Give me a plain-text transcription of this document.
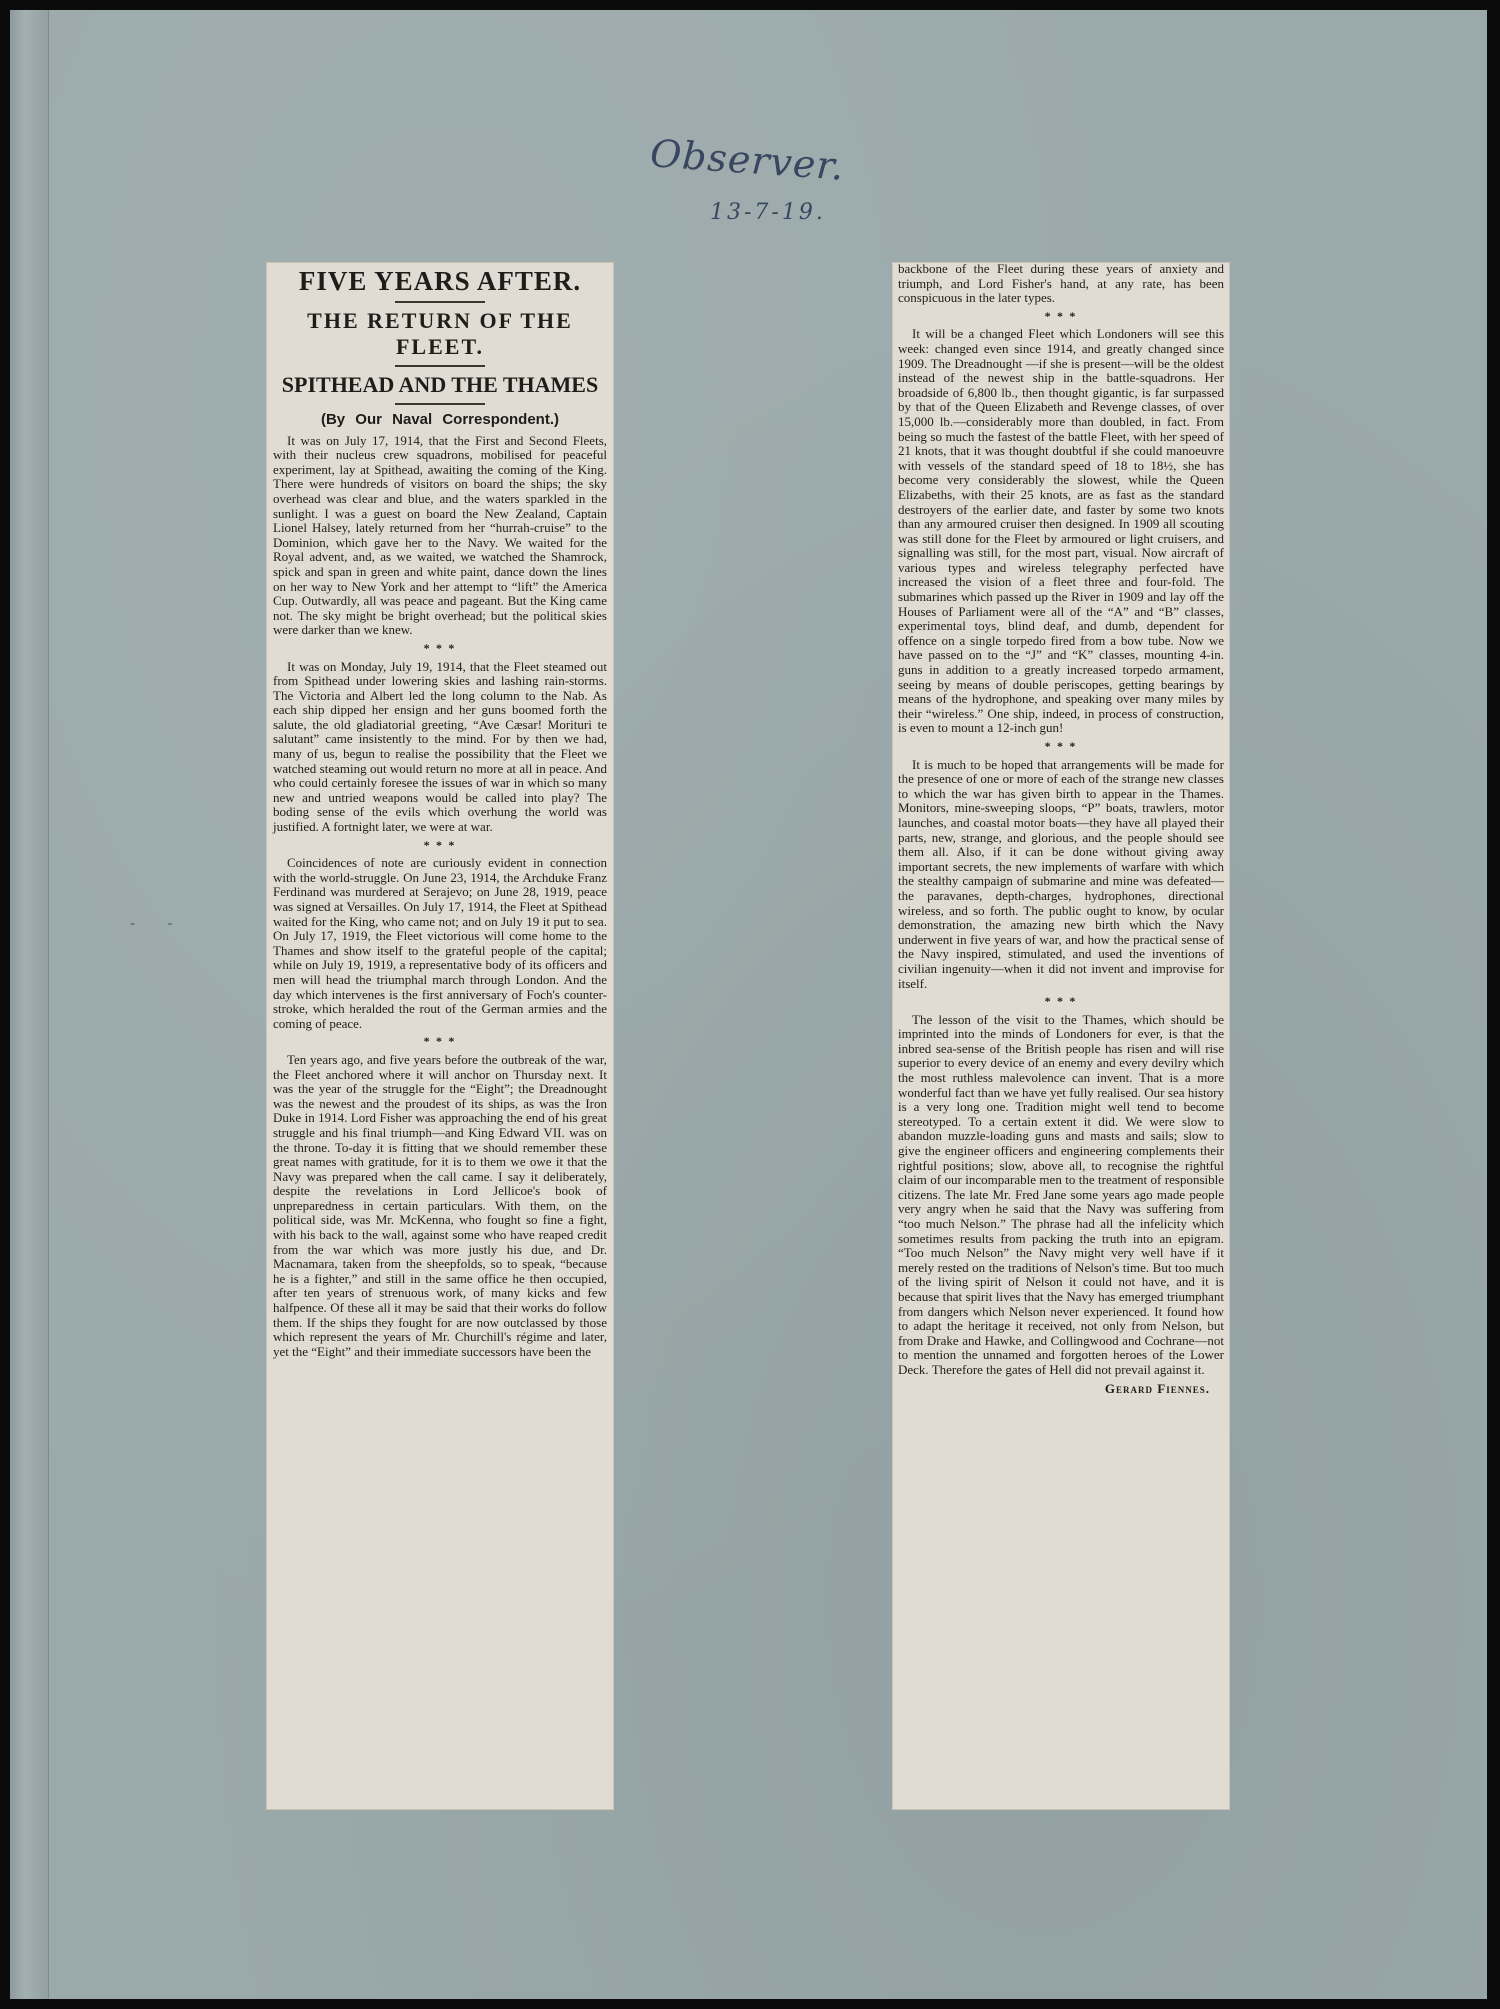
Observer.
13-7-19.
- -
FIVE YEARS AFTER.
THE RETURN OF THE FLEET.
SPITHEAD AND THE THAMES
(By Our Naval Correspondent.)

It was on July 17, 1914, that the First and Second Fleets, with their nucleus crew squadrons, mobilised for peaceful experiment, lay at Spithead, awaiting the coming of the King. There were hundreds of visitors on board the ships; the sky overhead was clear and blue, and the waters sparkled in the sunlight. I was a guest on board the New Zealand, Captain Lionel Halsey, lately returned from her “hurrah-cruise” to the Dominion, which gave her to the Navy. We waited for the Royal advent, and, as we waited, we watched the Shamrock, spick and span in green and white paint, dance down the lines on her way to New York and her attempt to “lift” the America Cup. Outwardly, all was peace and pageant. But the King came not. The sky might be bright overhead; but the political skies were darker than we knew.

* * *

It was on Monday, July 19, 1914, that the Fleet steamed out from Spithead under lowering skies and lashing rain-storms. The Victoria and Albert led the long column to the Nab. As each ship dipped her ensign and her guns boomed forth the salute, the old gladiatorial greeting, “Ave Cæsar! Morituri te salutant” came insistently to the mind. For by then we had, many of us, begun to realise the possibility that the Fleet we watched steaming out would return no more at all in peace. And who could certainly foresee the issues of war in which so many new and untried weapons would be called into play? The boding sense of the evils which overhung the world was justified. A fortnight later, we were at war.

* * *

Coincidences of note are curiously evident in connection with the world-struggle. On June 23, 1914, the Archduke Franz Ferdinand was murdered at Serajevo; on June 28, 1919, peace was signed at Versailles. On July 17, 1914, the Fleet at Spithead waited for the King, who came not; and on July 19 it put to sea. On July 17, 1919, the Fleet victorious will come home to the Thames and show itself to the grateful people of the capital; while on July 19, 1919, a representative body of its officers and men will head the triumphal march through London. And the day which intervenes is the first anniversary of Foch's counter-stroke, which heralded the rout of the German armies and the coming of peace.

* * *

Ten years ago, and five years before the outbreak of the war, the Fleet anchored where it will anchor on Thursday next. It was the year of the struggle for the “Eight”; the Dreadnought was the newest and the proudest of its ships, as was the Iron Duke in 1914. Lord Fisher was approaching the end of his great struggle and his final triumph—and King Edward VII. was on the throne. To-day it is fitting that we should remember these great names with gratitude, for it is to them we owe it that the Navy was prepared when the call came. I say it deliberately, despite the revelations in Lord Jellicoe's book of unpreparedness in certain particulars. With them, on the political side, was Mr. McKenna, who fought so fine a fight, with his back to the wall, against some who have reaped credit from the war which was more justly his due, and Dr. Macnamara, taken from the sheepfolds, so to speak, “because he is a fighter,” and still in the same office he then occupied, after ten years of strenuous work, of many kicks and few halfpence. Of these all it may be said that their works do follow them. If the ships they fought for are now outclassed by those which represent the years of Mr. Churchill's régime and later, yet the “Eight” and their immediate successors have been the

backbone of the Fleet during these years of anxiety and triumph, and Lord Fisher's hand, at any rate, has been conspicuous in the later types.

* * *

It will be a changed Fleet which Londoners will see this week: changed even since 1914, and greatly changed since 1909. The Dreadnought —if she is present—will be the oldest instead of the newest ship in the battle-squadrons. Her broadside of 6,800 lb., then thought gigantic, is far surpassed by that of the Queen Elizabeth and Revenge classes, of over 15,000 lb.—considerably more than doubled, in fact. From being so much the fastest of the battle Fleet, with her speed of 21 knots, that it was thought doubtful if she could manoeuvre with vessels of the standard speed of 18 to 18½, she has become very considerably the slowest, while the Queen Elizabeths, with their 25 knots, are as fast as the standard destroyers of the earlier date, and faster by some two knots than any armoured cruiser then designed. In 1909 all scouting was still done for the Fleet by armoured or light cruisers, and signalling was still, for the most part, visual. Now aircraft of various types and wireless telegraphy perfected have increased the vision of a fleet three and four-fold. The submarines which passed up the River in 1909 and lay off the Houses of Parliament were all of the “A” and “B” classes, experimental toys, blind deaf, and dumb, dependent for offence on a single torpedo fired from a bow tube. Now we have passed on to the “J” and “K” classes, mounting 4-in. guns in addition to a greatly increased torpedo armament, seeing by means of double periscopes, getting bearings by means of the hydrophone, and speaking over many miles by their “wireless.” One ship, indeed, in process of construction, is even to mount a 12-inch gun!

* * *

It is much to be hoped that arrangements will be made for the presence of one or more of each of the strange new classes to which the war has given birth to appear in the Thames. Monitors, mine-sweeping sloops, “P” boats, trawlers, motor launches, and coastal motor boats—they have all played their parts, new, strange, and glorious, and the people should see them all. Also, if it can be done without giving away important secrets, the new implements of warfare with which the stealthy campaign of submarine and mine was defeated—the paravanes, depth-charges, hydrophones, directional wireless, and so forth. The public ought to know, by ocular demonstration, the amazing new birth which the Navy underwent in five years of war, and how the practical sense of the Navy inspired, stimulated, and used the inventions of civilian ingenuity—when it did not invent and improvise for itself.

* * *

The lesson of the visit to the Thames, which should be imprinted into the minds of Londoners for ever, is that the inbred sea-sense of the British people has risen and will rise superior to every device of an enemy and every devilry which the most ruthless malevolence can invent. That is a more wonderful fact than we have yet fully realised. Our sea history is a very long one. Tradition might well tend to become stereotyped. To a certain extent it did. We were slow to abandon muzzle-loading guns and masts and sails; slow to give the engineer officers and engineering complements their rightful positions; slow, above all, to recognise the rightful claim of our incomparable men to the treatment of responsible citizens. The late Mr. Fred Jane some years ago made people very angry when he said that the Navy was suffering from “too much Nelson.” The phrase had all the infelicity which sometimes results from packing the truth into an epigram. “Too much Nelson” the Navy might very well have if it merely rested on the traditions of Nelson's time. But too much of the living spirit of Nelson it could not have, and it is because that spirit lives that the Navy has emerged triumphant from dangers which Nelson never experienced. It found how to adapt the heritage it received, not only from Nelson, but from Drake and Hawke, and Collingwood and Cochrane—not to mention the unnamed and forgotten heroes of the Lower Deck. Therefore the gates of Hell did not prevail against it.

Gerard Fiennes.
